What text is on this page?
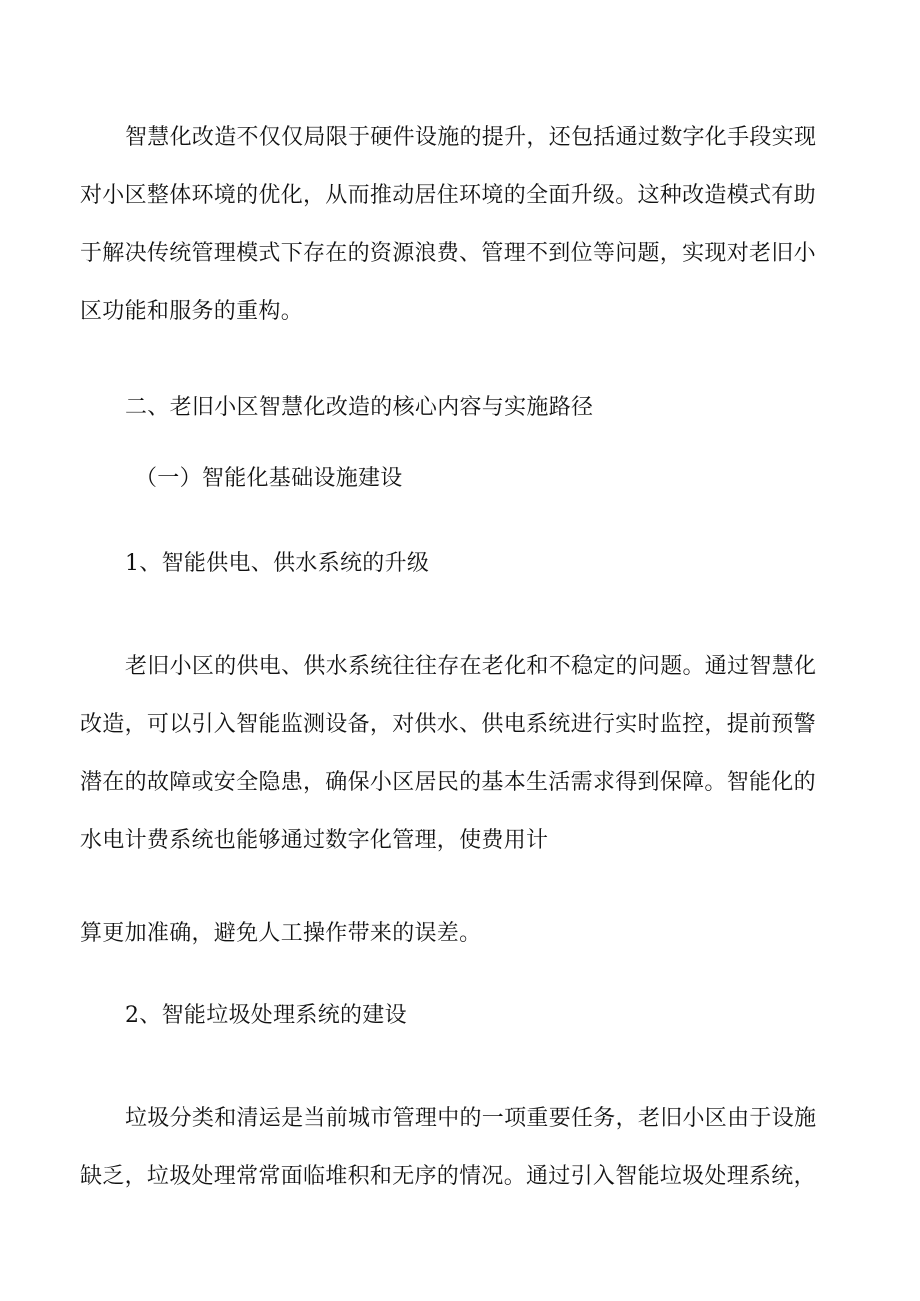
智慧化改造不仅仅局限于硬件设施的提升，还包括通过数字化手段实现
对小区整体环境的优化，从而推动居住环境的全面升级。这种改造模式有助
于解决传统管理模式下存在的资源浪费、管理不到位等问题，实现对老旧小
区功能和服务的重构。

二、老旧小区智慧化改造的核心内容与实施路径
（一）智能化基础设施建设
1、智能供电、供水系统的升级

老旧小区的供电、供水系统往往存在老化和不稳定的问题。通过智慧化
改造，可以引入智能监测设备，对供水、供电系统进行实时监控，提前预警
潜在的故障或安全隐患，确保小区居民的基本生活需求得到保障。智能化的
水电计费系统也能够通过数字化管理，使费用计

算更加准确，避免人工操作带来的误差。

2、智能垃圾处理系统的建设

垃圾分类和清运是当前城市管理中的一项重要任务，老旧小区由于设施
缺乏，垃圾处理常常面临堆积和无序的情况。通过引入智能垃圾处理系统，
